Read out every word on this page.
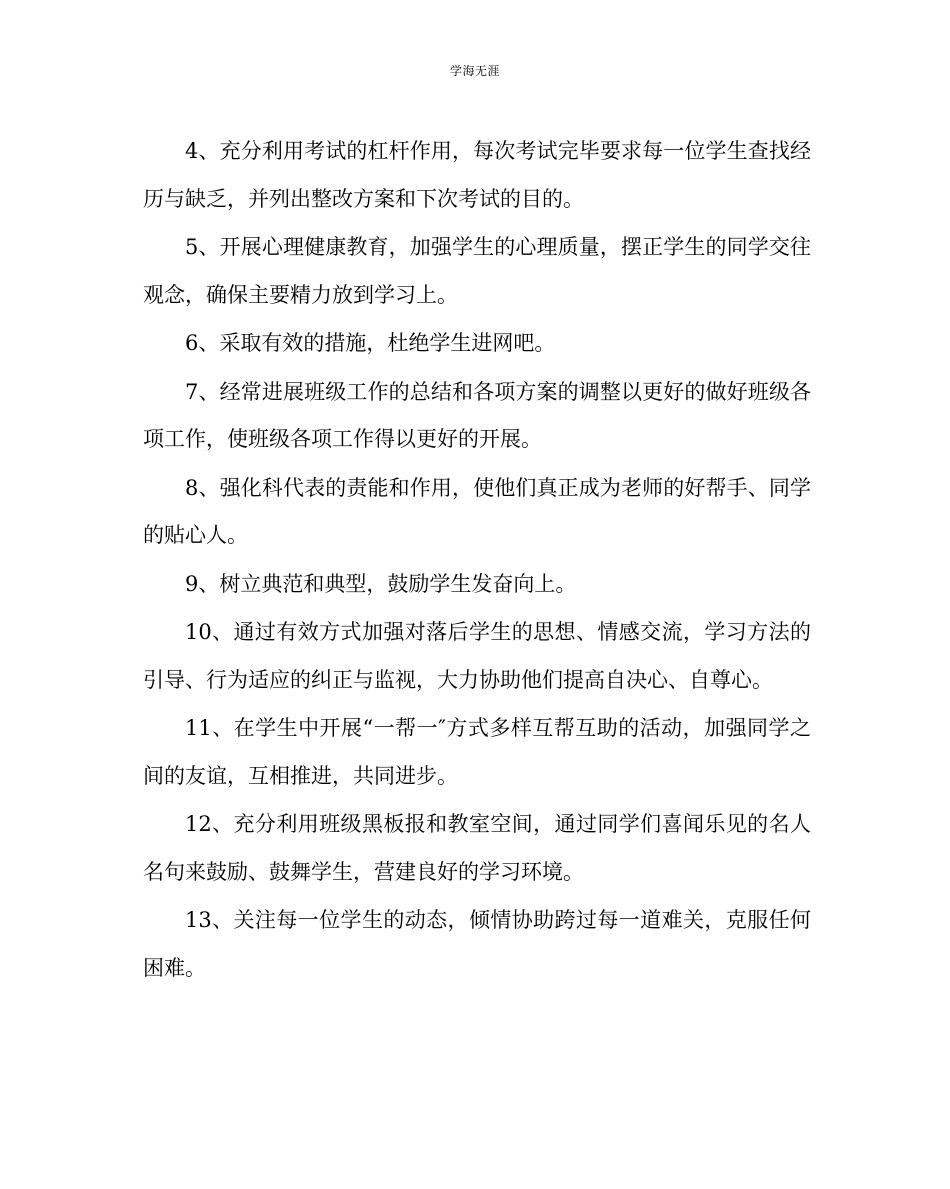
学海无涯

4、充分利用考试的杠杆作用，每次考试完毕要求每一位学生查找经历与缺乏，并列出整改方案和下次考试的目的。

5、开展心理健康教育，加强学生的心理质量，摆正学生的同学交往观念，确保主要精力放到学习上。

6、采取有效的措施，杜绝学生进网吧。

7、经常进展班级工作的总结和各项方案的调整以更好的做好班级各项工作，使班级各项工作得以更好的开展。

8、强化科代表的责能和作用，使他们真正成为老师的好帮手、同学的贴心人。

9、树立典范和典型，鼓励学生发奋向上。

10、通过有效方式加强对落后学生的思想、情感交流，学习方法的引导、行为适应的纠正与监视，大力协助他们提高自决心、自尊心。

11、在学生中开展“一帮一″方式多样互帮互助的活动，加强同学之间的友谊，互相推进，共同进步。

12、充分利用班级黑板报和教室空间，通过同学们喜闻乐见的名人名句来鼓励、鼓舞学生，营建良好的学习环境。

13、关注每一位学生的动态，倾情协助跨过每一道难关，克服任何困难。
